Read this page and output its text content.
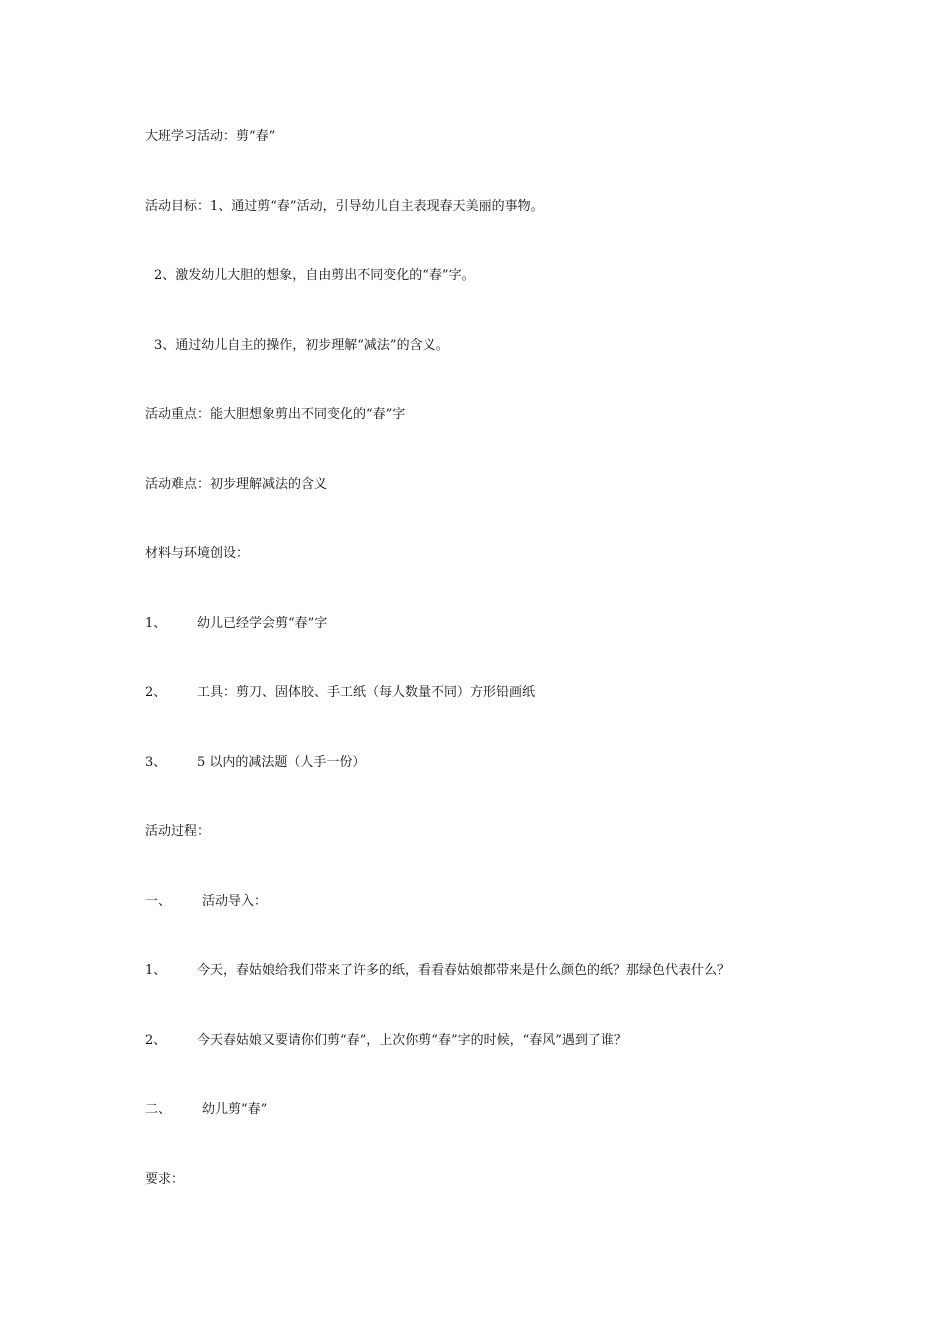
大班学习活动：剪“春”
活动目标：1、通过剪“春”活动，引导幼儿自主表现春天美丽的事物。
2、激发幼儿大胆的想象，自由剪出不同变化的“春”字。
3、通过幼儿自主的操作，初步理解“减法”的含义。
活动重点：能大胆想象剪出不同变化的“春”字
活动难点：初步理解减法的含义
材料与环境创设：
1、 幼儿已经学会剪“春”字
2、 工具：剪刀、固体胶、手工纸（每人数量不同）方形铅画纸
3、 5 以内的减法题（人手一份）
活动过程：
一、 活动导入：
1、 今天，春姑娘给我们带来了许多的纸，看看春姑娘都带来是什么颜色的纸？那绿色代表什么？
2、 今天春姑娘又要请你们剪“春”，上次你剪“春”字的时候，“春风”遇到了谁？
二、 幼儿剪“春”
要求：
